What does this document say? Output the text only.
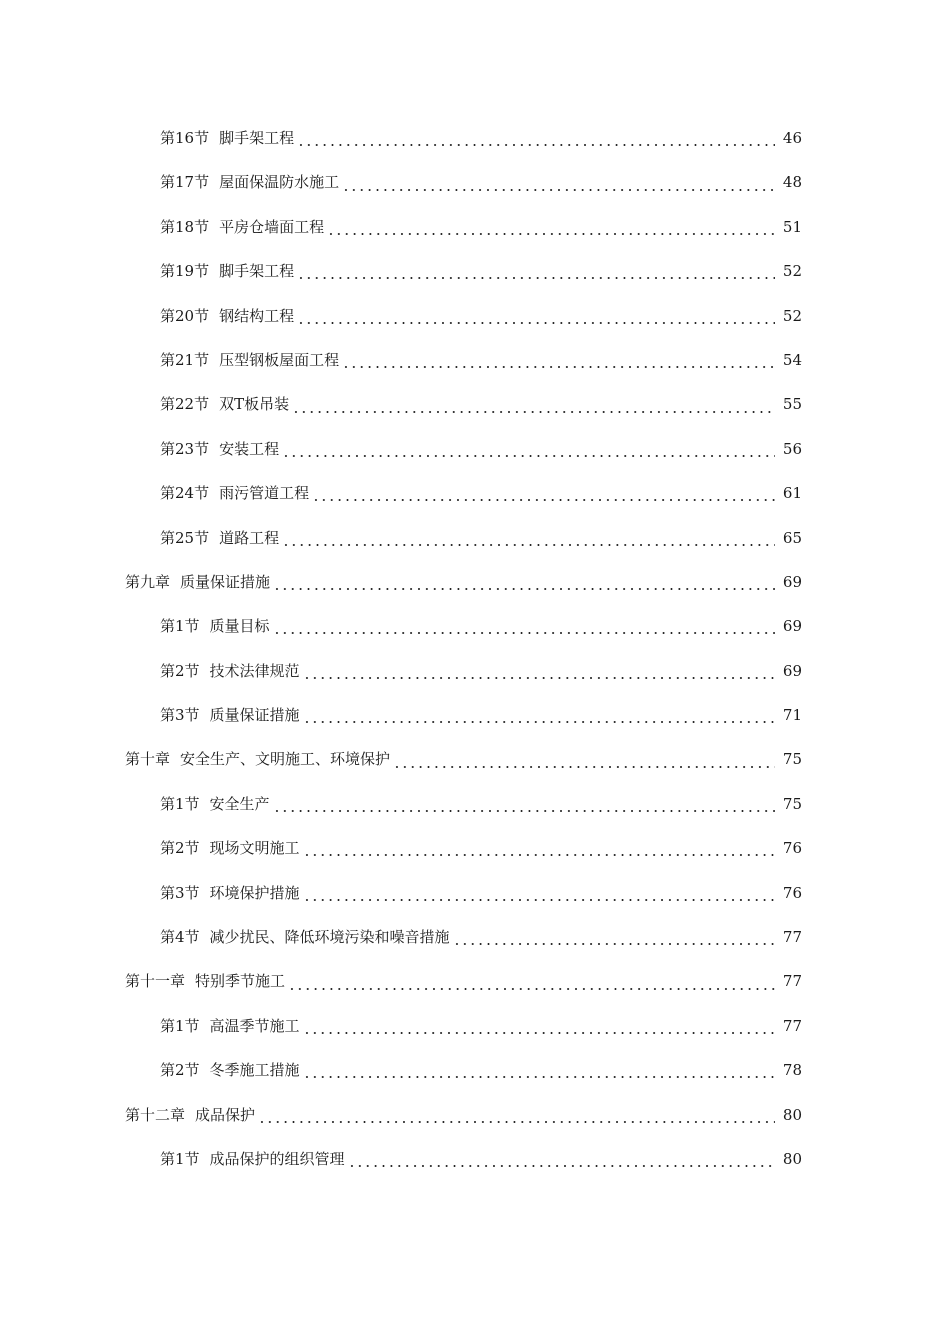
第16节 脚手架工程	46
第17节 屋面保温防水施工	48
第18节 平房仓墙面工程	51
第19节 脚手架工程	52
第20节 钢结构工程	52
第21节 压型钢板屋面工程	54
第22节 双T板吊装	55
第23节 安装工程	56
第24节 雨污管道工程	61
第25节 道路工程	65
第九章 质量保证措施	69
第1节 质量目标	69
第2节 技术法律规范	69
第3节 质量保证措施	71
第十章 安全生产、文明施工、环境保护	75
第1节 安全生产	75
第2节 现场文明施工	76
第3节 环境保护措施	76
第4节 减少扰民、降低环境污染和噪音措施	77
第十一章 特别季节施工	77
第1节 高温季节施工	77
第2节 冬季施工措施	78
第十二章 成品保护	80
第1节 成品保护的组织管理	80
